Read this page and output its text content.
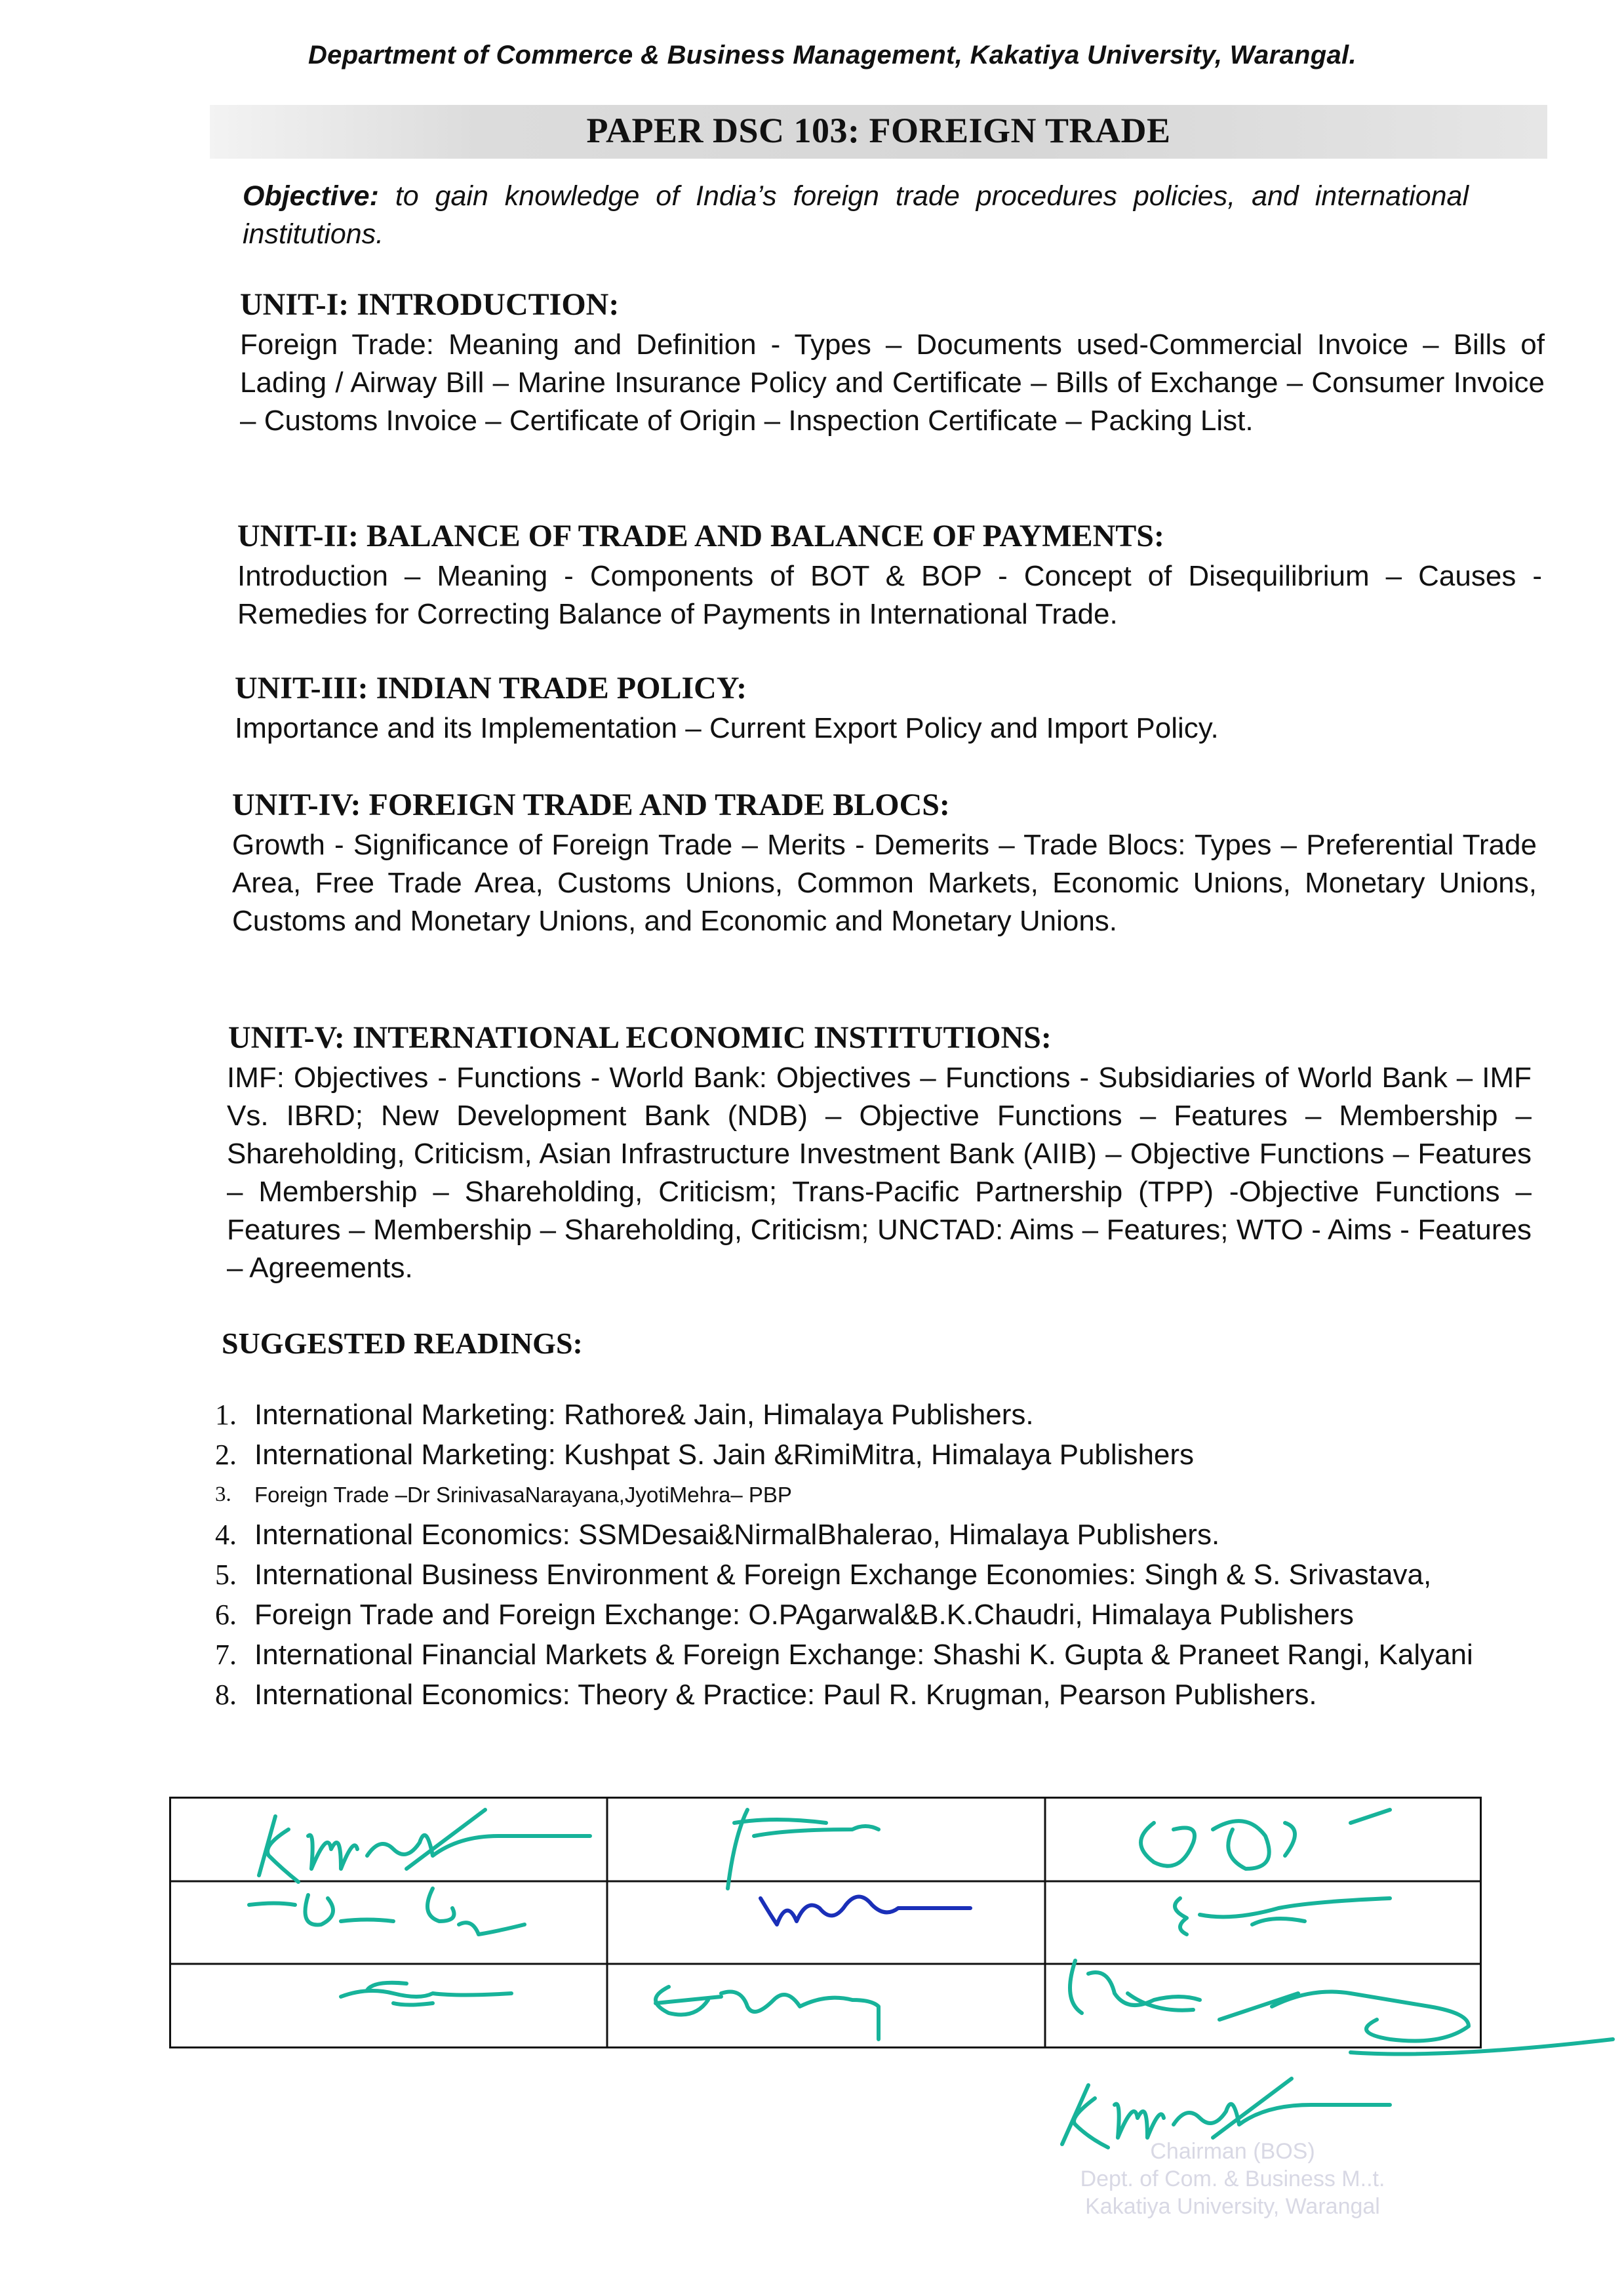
Department of Commerce & Business Management, Kakatiya University, Warangal.
PAPER DSC 103: FOREIGN TRADE
Objective: to gain knowledge of India’s foreign trade procedures policies, and international institutions.
UNIT-I: INTRODUCTION:
Foreign Trade: Meaning and Definition - Types – Documents used-Commercial Invoice – Bills of Lading / Airway Bill – Marine Insurance Policy and Certificate – Bills of Exchange – Consumer Invoice – Customs Invoice – Certificate of Origin – Inspection Certificate – Packing List.
UNIT-II: BALANCE OF TRADE AND BALANCE OF PAYMENTS:
Introduction – Meaning - Components of BOT & BOP - Concept of Disequilibrium – Causes - Remedies for Correcting Balance of Payments in International Trade.
UNIT-III: INDIAN TRADE POLICY:
Importance and its Implementation – Current Export Policy and Import Policy.
UNIT-IV: FOREIGN TRADE AND TRADE BLOCS:
Growth - Significance of Foreign Trade – Merits - Demerits – Trade Blocs: Types – Preferential Trade Area, Free Trade Area, Customs Unions, Common Markets, Economic Unions, Monetary Unions, Customs and Monetary Unions, and Economic and Monetary Unions.
UNIT-V: INTERNATIONAL ECONOMIC INSTITUTIONS:
IMF: Objectives - Functions - World Bank: Objectives – Functions - Subsidiaries of World Bank – IMF Vs. IBRD; New Development Bank (NDB) – Objective Functions – Features – Membership – Shareholding, Criticism, Asian Infrastructure Investment Bank (AIIB) – Objective Functions – Features – Membership – Shareholding, Criticism; Trans-Pacific Partnership (TPP) -Objective Functions – Features – Membership – Shareholding, Criticism; UNCTAD: Aims – Features; WTO - Aims - Features – Agreements.
SUGGESTED READINGS:
1. International Marketing: Rathore& Jain, Himalaya Publishers.
2. International Marketing: Kushpat S. Jain &RimiMitra, Himalaya Publishers
3. Foreign Trade –Dr SrinivasaNarayana,JyotiMehra– PBP
4. International Economics: SSMDesai&NirmalBhalerao, Himalaya Publishers.
5. International Business Environment & Foreign Exchange Economies: Singh & S. Srivastava,
6. Foreign Trade and Foreign Exchange: O.PAgarwal&B.K.Chaudri, Himalaya Publishers
7. International Financial Markets & Foreign Exchange: Shashi K. Gupta & Praneet Rangi, Kalyani
8. International Economics: Theory & Practice: Paul R. Krugman, Pearson Publishers.
Chairman (BOS)
Dept. of Com. & Business M..t.
Kakatiya University, Warangal
